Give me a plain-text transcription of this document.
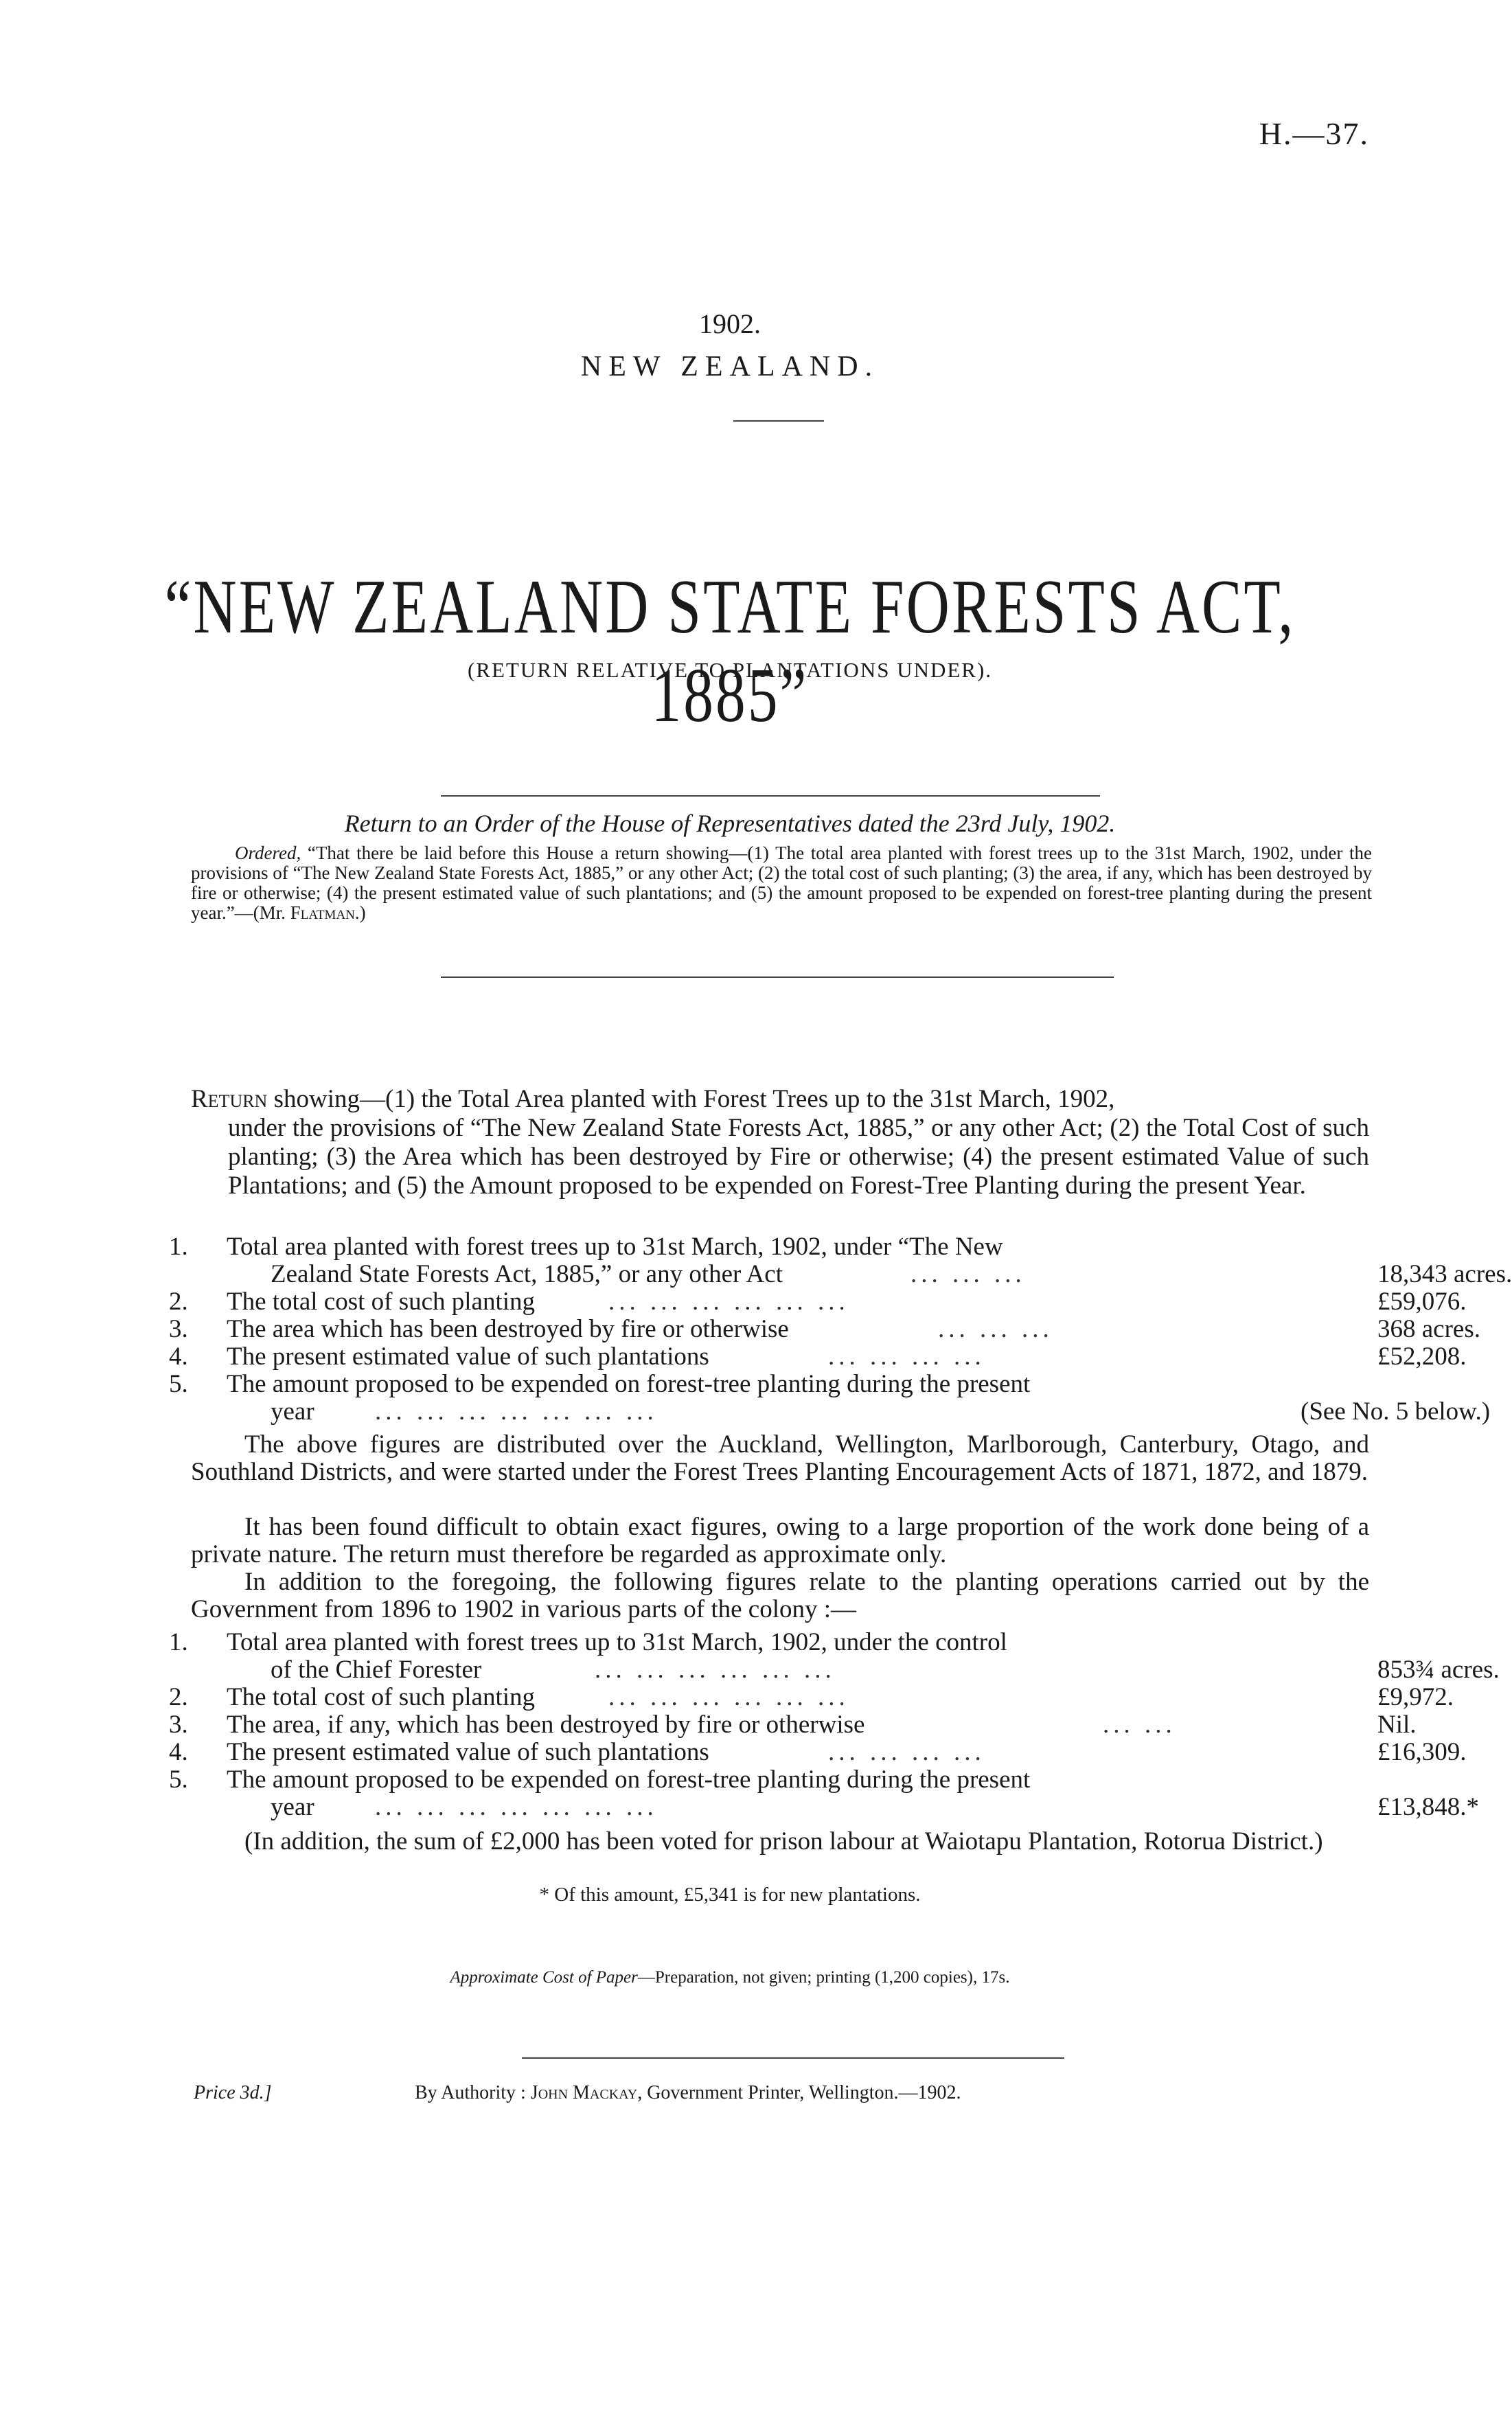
H.—37.
1902.
NEW ZEALAND.
“NEW ZEALAND STATE FORESTS ACT, 1885”
(RETURN RELATIVE TO PLANTATIONS UNDER).
Return to an Order of the House of Representatives dated the 23rd July, 1902.
Ordered, “That there be laid before this House a return showing—(1) The total area planted with forest trees up to the 31st March, 1902, under the provisions of “The New Zealand State Forests Act, 1885,” or any other Act; (2) the total cost of such planting; (3) the area, if any, which has been destroyed by fire or otherwise; (4) the present estimated value of such plantations; and (5) the amount proposed to be expended on forest-tree planting during the present year.”—(Mr. Flatman.)
Return showing—(1) the Total Area planted with Forest Trees up to the 31st March, 1902,
under the provisions of “The New Zealand State Forests Act, 1885,” or any other Act; (2) the Total Cost of such planting; (3) the Area which has been destroyed by Fire or otherwise; (4) the present estimated Value of such Plantations; and (5) the Amount proposed to be expended on Forest-Tree Planting during the present Year.
1. Total area planted with forest trees up to 31st March, 1902, under “The New
Zealand State Forests Act, 1885,” or any other Act	... ... ...	18,343 acres.
2. The total cost of such planting	... ... ... ... ... ...	£59,076.
3. The area which has been destroyed by fire or otherwise	... ... ...	368 acres.
4. The present estimated value of such plantations	... ... ... ...	£52,208.
5. The amount proposed to be expended on forest-tree planting during the present
year ... ... ... ... ... ... ...	(See No. 5 below.)
The above figures are distributed over the Auckland, Wellington, Marlborough, Canterbury, Otago, and Southland Districts, and were started under the Forest Trees Planting Encouragement Acts of 1871, 1872, and 1879.
It has been found difficult to obtain exact figures, owing to a large proportion of the work done being of a private nature. The return must therefore be regarded as approximate only.
In addition to the foregoing, the following figures relate to the planting operations carried out by the Government from 1896 to 1902 in various parts of the colony :—
1. Total area planted with forest trees up to 31st March, 1902, under the control
of the Chief Forester	... ... ... ... ... ...	853¾ acres.
2. The total cost of such planting	... ... ... ... ... ...	£9,972.
3. The area, if any, which has been destroyed by fire or otherwise	... ...	Nil.
4. The present estimated value of such plantations	... ... ... ...	£16,309.
5. The amount proposed to be expended on forest-tree planting during the present
year ... ... ... ... ... ... ...	£13,848.*
(In addition, the sum of £2,000 has been voted for prison labour at Waiotapu Plantation, Rotorua District.)
* Of this amount, £5,341 is for new plantations.
Approximate Cost of Paper—Preparation, not given; printing (1,200 copies), 17s.
Price 3d.]	By Authority : John Mackay, Government Printer, Wellington.—1902.
